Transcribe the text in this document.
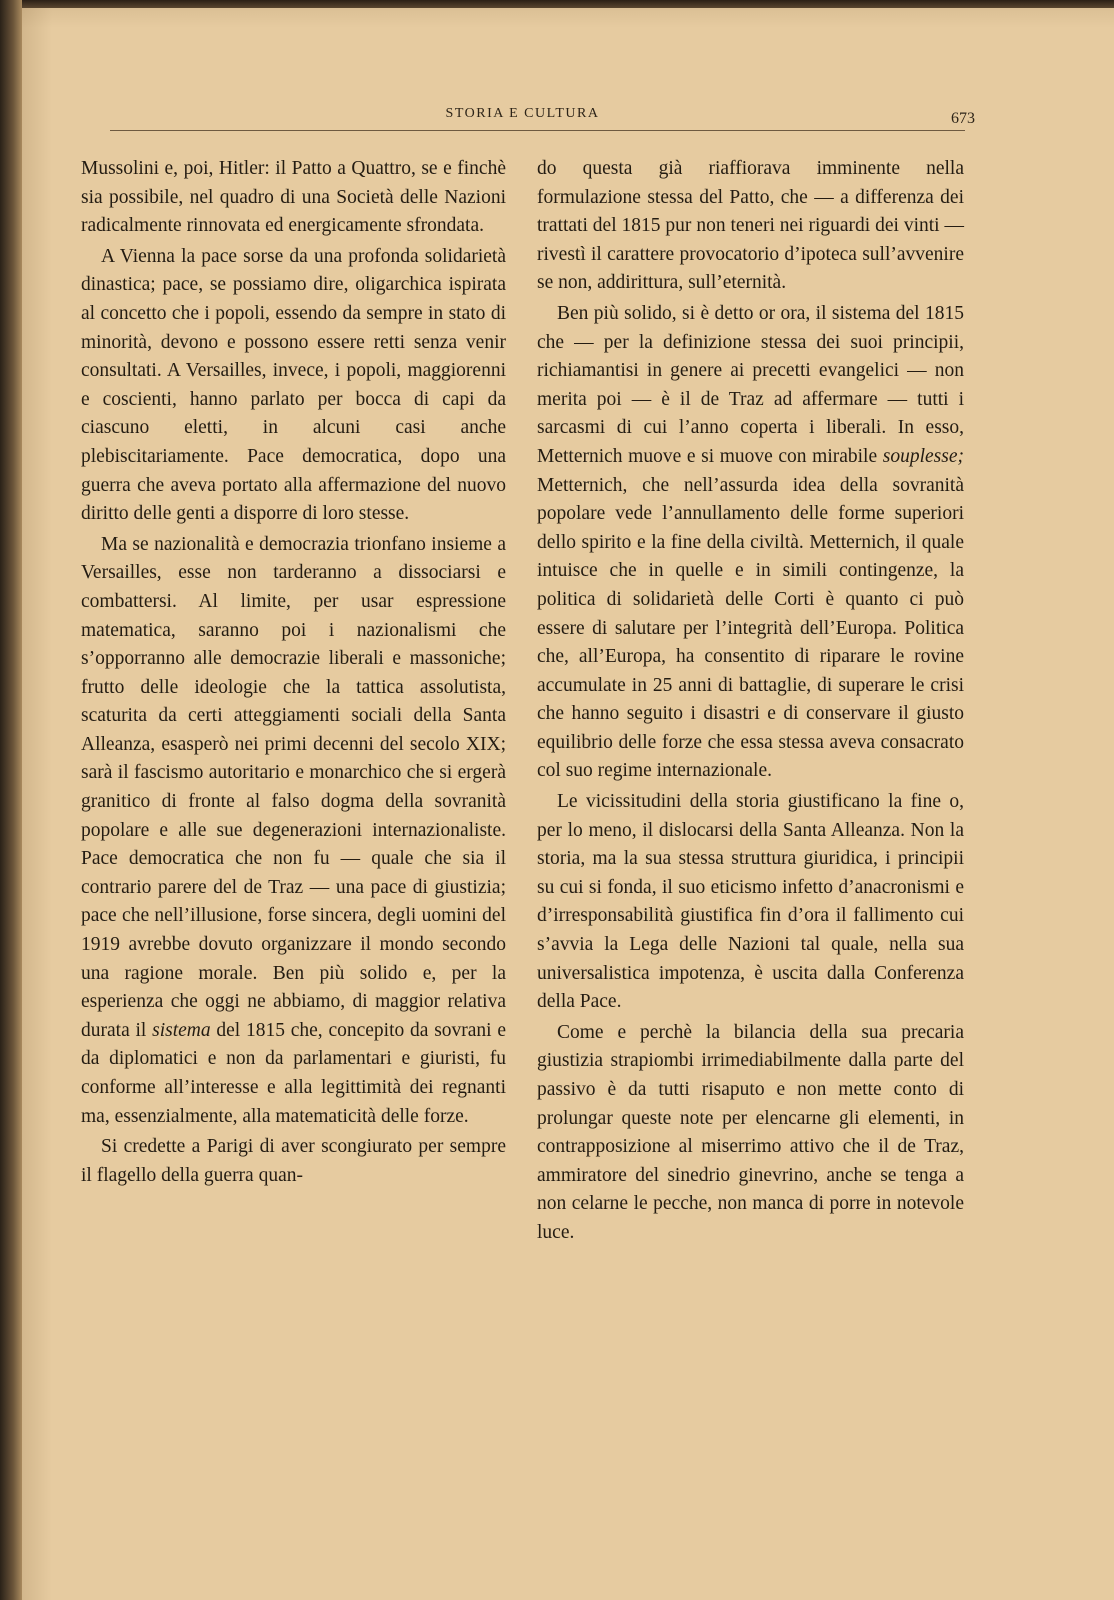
STORIA E CULTURA	673

Mussolini e, poi, Hitler: il Patto a Quattro, se e finchè sia possibile, nel quadro di una Società delle Nazioni radicalmente rinnovata ed energicamente sfrondata.

A Vienna la pace sorse da una profonda solidarietà dinastica; pace, se possiamo dire, oligarchica ispirata al concetto che i popoli, essendo da sempre in stato di minorità, devono e possono essere retti senza venir consultati. A Versailles, invece, i popoli, maggiorenni e coscienti, hanno parlato per bocca di capi da ciascuno eletti, in alcuni casi anche plebiscitariamente. Pace democratica, dopo una guerra che aveva portato alla affermazione del nuovo diritto delle genti a disporre di loro stesse.

Ma se nazionalità e democrazia trionfano insieme a Versailles, esse non tarderanno a dissociarsi e combattersi. Al limite, per usar espressione matematica, saranno poi i nazionalismi che s’opporranno alle democrazie liberali e massoniche; frutto delle ideologie che la tattica assolutista, scaturita da certi atteggiamenti sociali della Santa Alleanza, esasperò nei primi decenni del secolo XIX; sarà il fascismo autoritario e monarchico che si ergerà granitico di fronte al falso dogma della sovranità popolare e alle sue degenerazioni internazionaliste. Pace democratica che non fu — quale che sia il contrario parere del de Traz — una pace di giustizia; pace che nell’illusione, forse sincera, degli uomini del 1919 avrebbe dovuto organizzare il mondo secondo una ragione morale. Ben più solido e, per la esperienza che oggi ne abbiamo, di maggior relativa durata il sistema del 1815 che, concepito da sovrani e da diplomatici e non da parlamentari e giuristi, fu conforme all’interesse e alla legittimità dei regnanti ma, essenzialmente, alla matematicità delle forze.

Si credette a Parigi di aver scongiurato per sempre il flagello della guerra quan-

do questa già riaffiorava imminente nella formulazione stessa del Patto, che — a differenza dei trattati del 1815 pur non teneri nei riguardi dei vinti — rivestì il carattere provocatorio d’ipoteca sull’avvenire se non, addirittura, sull’eternità.

Ben più solido, si è detto or ora, il sistema del 1815 che — per la definizione stessa dei suoi principii, richiamantisi in genere ai precetti evangelici — non merita poi — è il de Traz ad affermare — tutti i sarcasmi di cui l’anno coperta i liberali. In esso, Metternich muove e si muove con mirabile souplesse; Metternich, che nell’assurda idea della sovranità popolare vede l’annullamento delle forme superiori dello spirito e la fine della civiltà. Metternich, il quale intuisce che in quelle e in simili contingenze, la politica di solidarietà delle Corti è quanto ci può essere di salutare per l’integrità dell’Europa. Politica che, all’Europa, ha consentito di riparare le rovine accumulate in 25 anni di battaglie, di superare le crisi che hanno seguito i disastri e di conservare il giusto equilibrio delle forze che essa stessa aveva consacrato col suo regime internazionale.

Le vicissitudini della storia giustificano la fine o, per lo meno, il dislocarsi della Santa Alleanza. Non la storia, ma la sua stessa struttura giuridica, i principii su cui si fonda, il suo eticismo infetto d’anacronismi e d’irresponsabilità giustifica fin d’ora il fallimento cui s’avvia la Lega delle Nazioni tal quale, nella sua universalistica impotenza, è uscita dalla Conferenza della Pace.

Come e perchè la bilancia della sua precaria giustizia strapiombi irrimediabilmente dalla parte del passivo è da tutti risaputo e non mette conto di prolungar queste note per elencarne gli elementi, in contrapposizione al miserrimo attivo che il de Traz, ammiratore del sinedrio ginevrino, anche se tenga a non celarne le pecche, non manca di porre in notevole luce.
